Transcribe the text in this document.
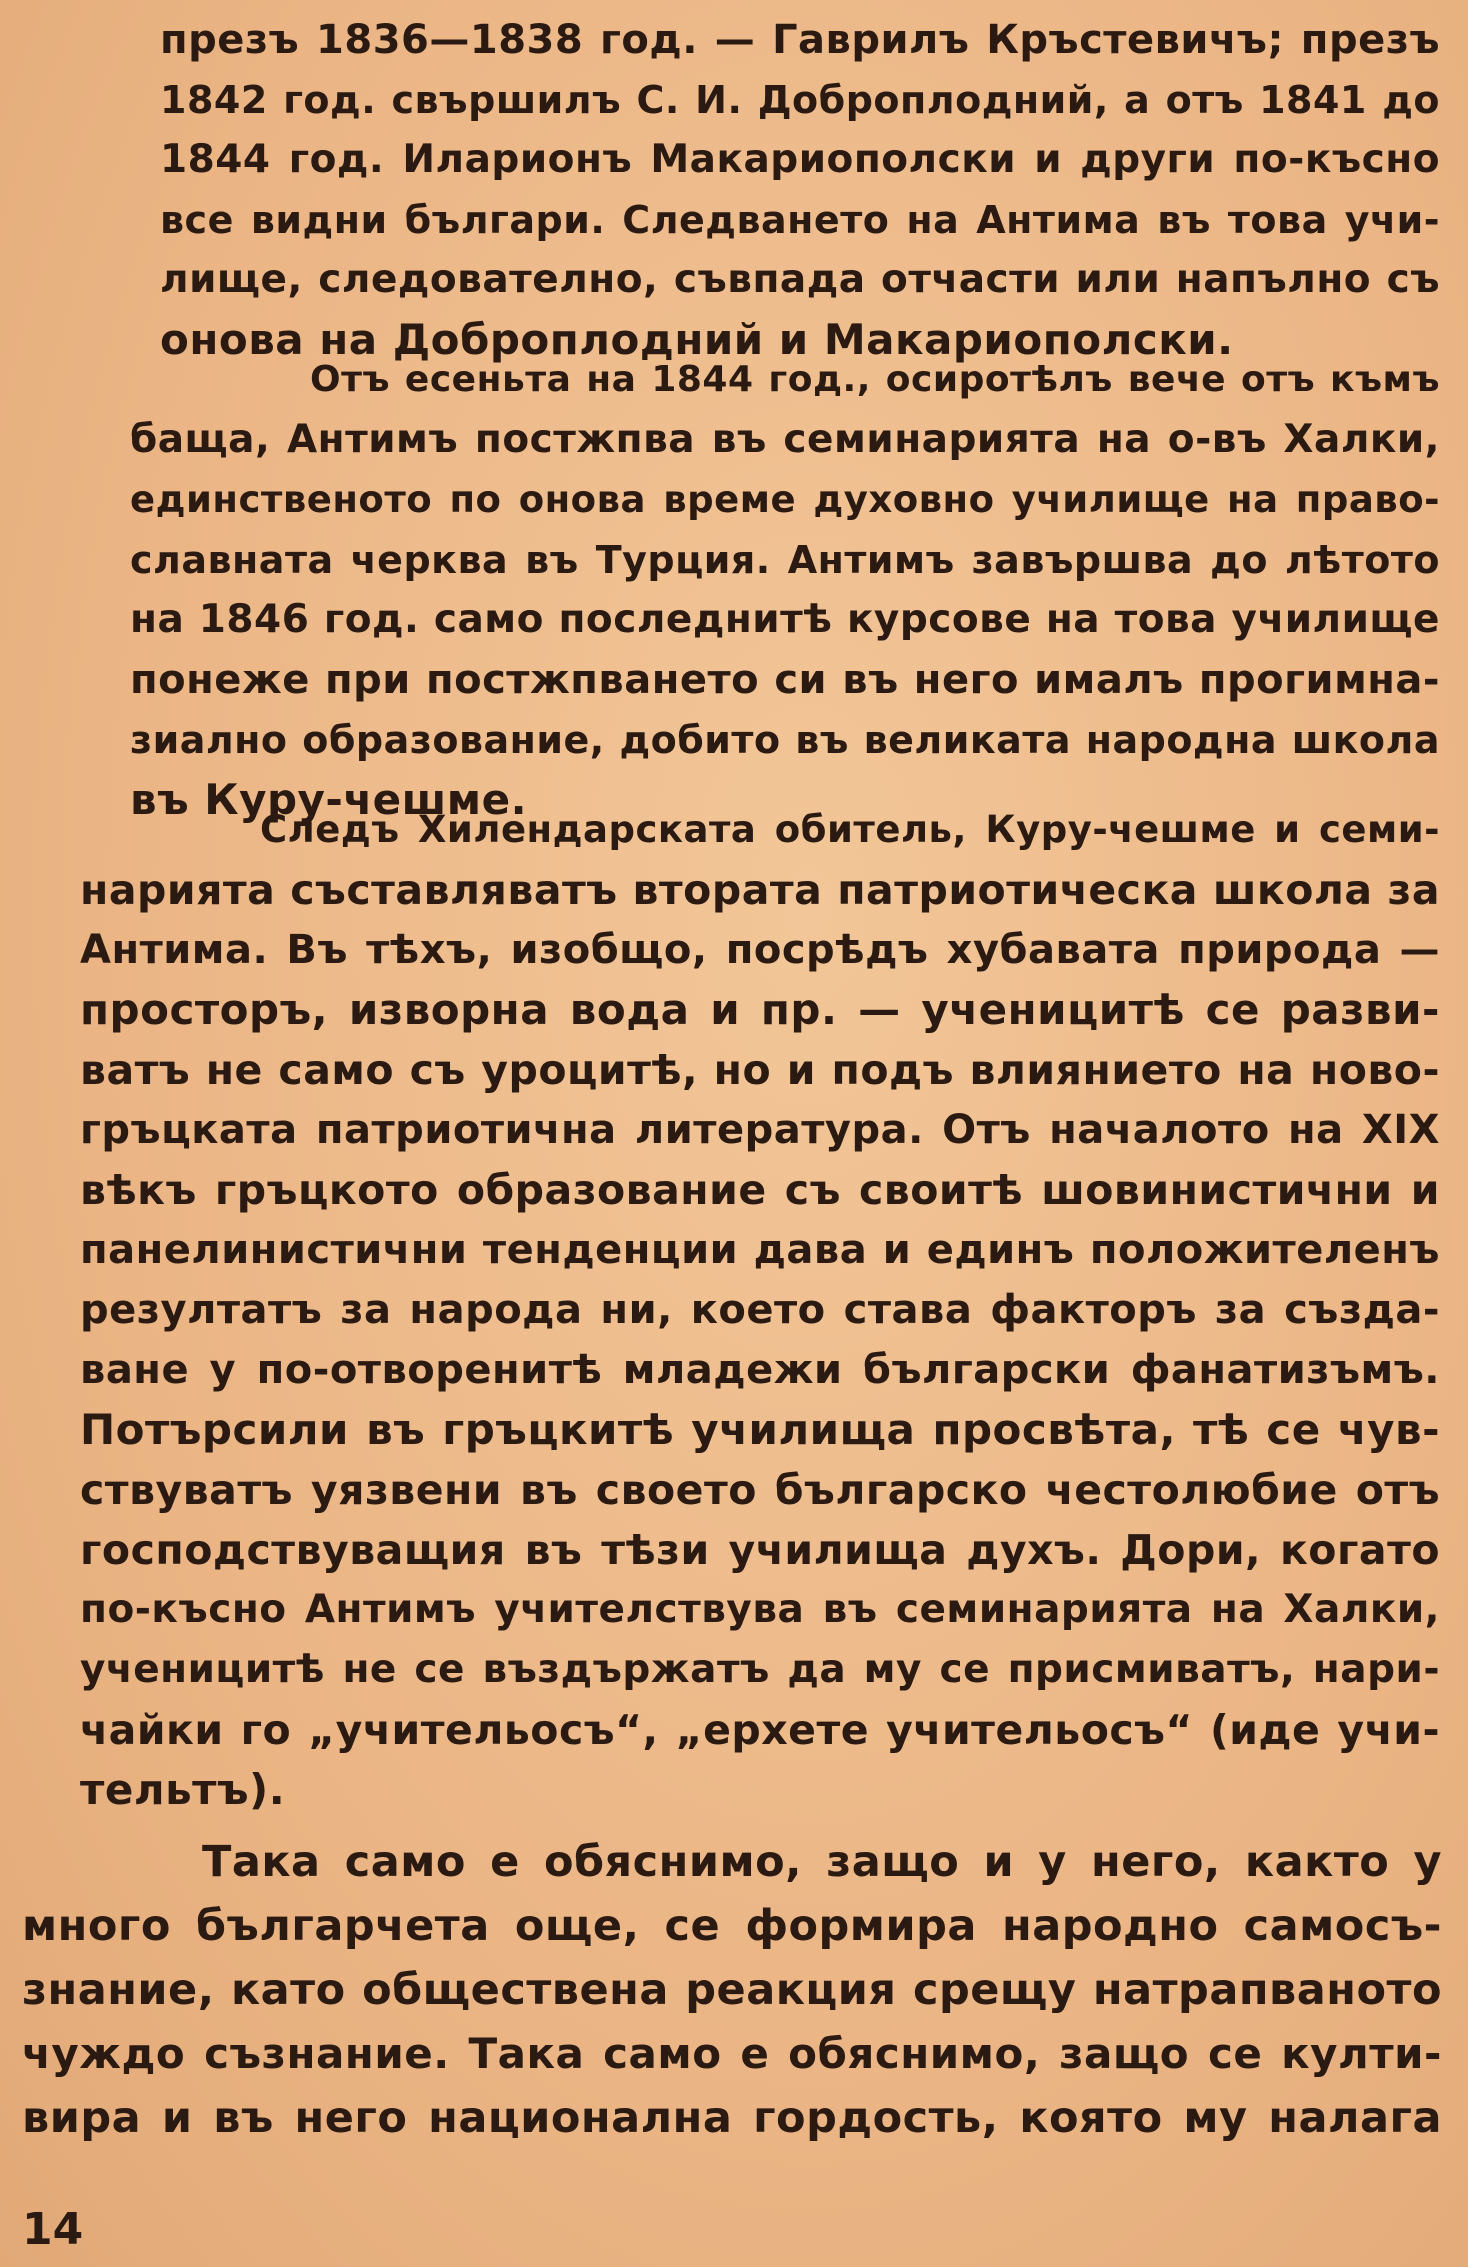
презъ 1836—1838 год. — Гаврилъ Кръстевичъ; презъ
1842 год. свършилъ С. И. Доброплодний, а отъ 1841 до
1844 год. Иларионъ Макариополски и други по-късно
все видни българи. Следването на Антима въ това учи-
лище, следователно, съвпада отчасти или напълно съ
онова на Доброплодний и Макариополски.
Отъ есеньта на 1844 год., осиротѣлъ вече отъ къмъ
баща, Антимъ постжпва въ семинарията на о-въ Халки,
единственото по онова време духовно училище на право-
славната черква въ Турция. Антимъ завършва до лѣтото
на 1846 год. само последнитѣ курсове на това училище
понеже при постжпването си въ него ималъ прогимна-
зиално образование, добито въ великата народна школа
въ Куру-чешме.
Следъ Хилендарската обитель, Куру-чешме и семи-
нарията съставляватъ втората патриотическа школа за
Антима. Въ тѣхъ, изобщо, посрѣдъ хубавата природа —
просторъ, изворна вода и пр. — ученицитѣ се разви-
ватъ не само съ уроцитѣ, но и подъ влиянието на ново-
гръцката патриотична литература. Отъ началото на XIX
вѣкъ гръцкото образование съ своитѣ шовинистични и
панелинистични тенденции дава и единъ положителенъ
резултатъ за народа ни, което става факторъ за създа-
ване у по-отворенитѣ младежи български фанатизъмъ.
Потърсили въ гръцкитѣ училища просвѣта, тѣ се чув-
ствуватъ уязвени въ своето българско честолюбие отъ
господствуващия въ тѣзи училища духъ. Дори, когато
по-късно Антимъ учителствува въ семинарията на Халки,
ученицитѣ не се въздържатъ да му се присмиватъ, нари-
чайки го „учительосъ“, „ерхете учительосъ“ (иде учи-
тельтъ).
Така само е обяснимо, защо и у него, както у
много българчета още, се формира народно самосъ-
знание, като обществена реакция срещу натрапваното
чуждо съзнание. Така само е обяснимо, защо се култи-
вира и въ него национална гордость, която му налага
14
